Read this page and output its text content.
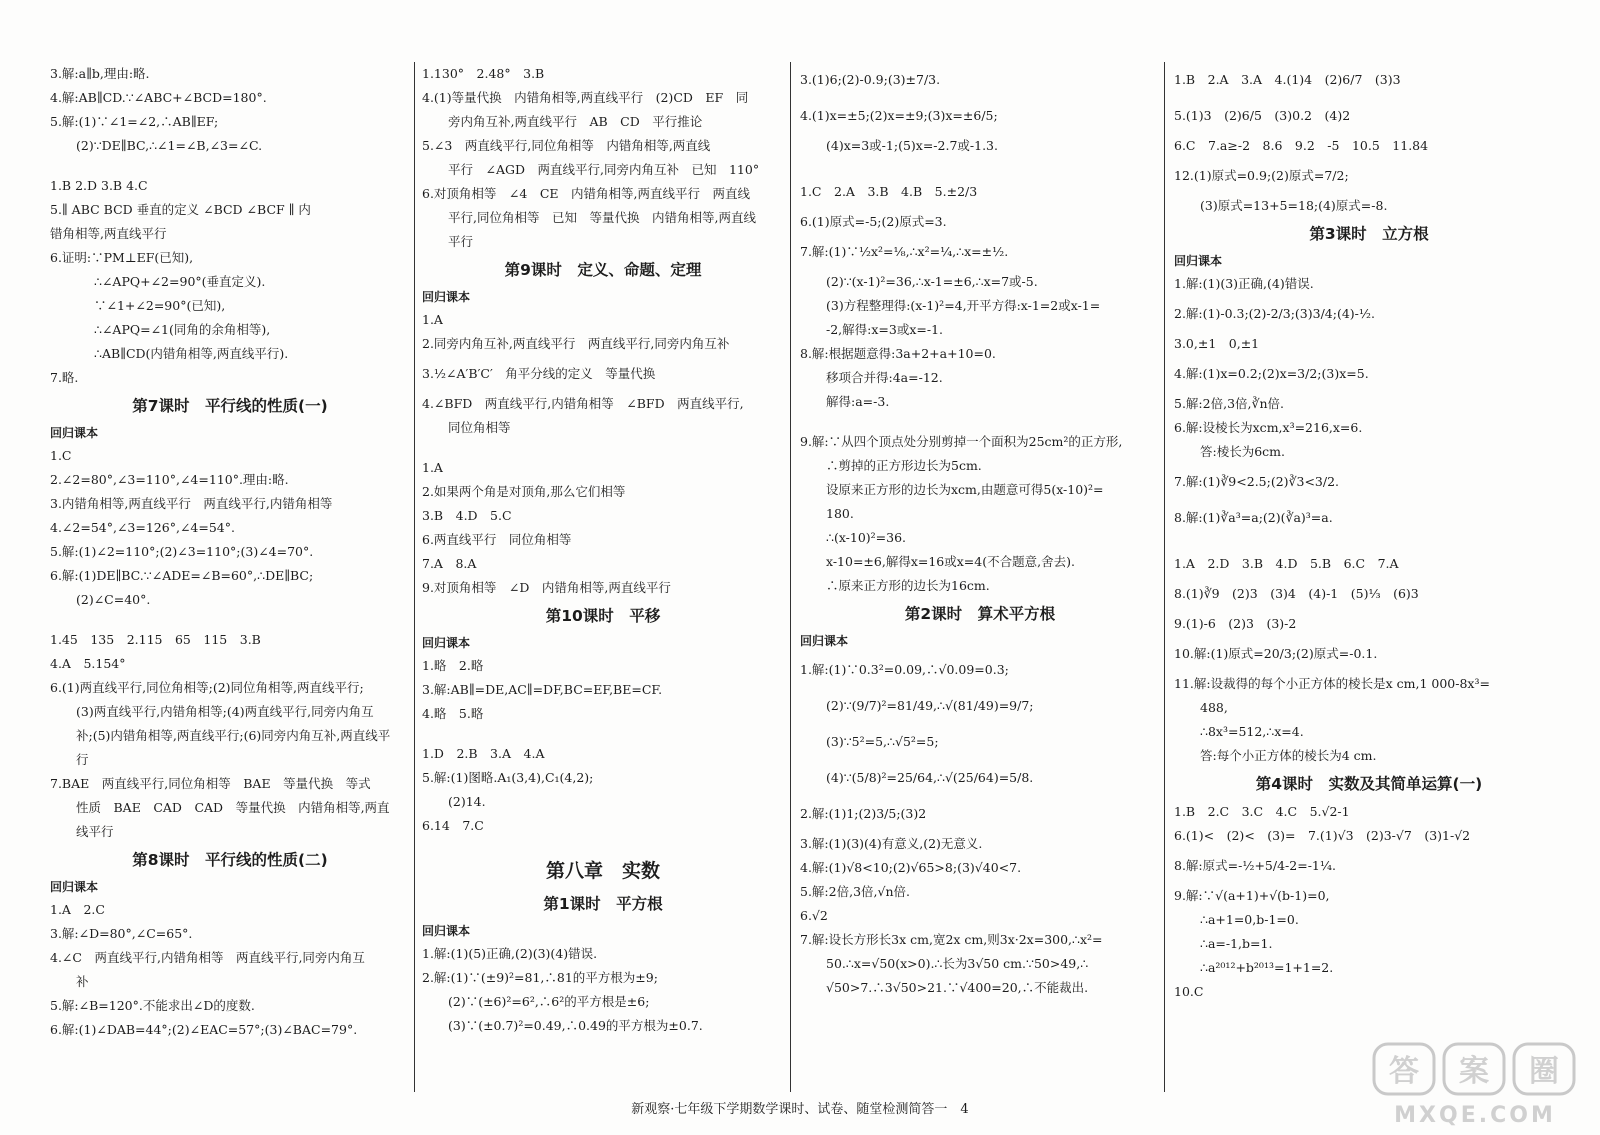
3.解:a∥b,理由:略.
4.解:AB∥CD.∵∠ABC+∠BCD=180°.
5.解:(1)∵∠1=∠2,∴AB∥EF;
(2)∵DE∥BC,∴∠1=∠B,∠3=∠C.
1.B 2.D 3.B 4.C
5.∥ ABC BCD 垂直的定义 ∠BCD ∠BCF ∥ 内
错角相等,两直线平行
6.证明:∵PM⊥EF(已知),
∴∠APQ+∠2=90°(垂直定义).
∵∠1+∠2=90°(已知),
∴∠APQ=∠1(同角的余角相等),
∴AB∥CD(内错角相等,两直线平行).
7.略.
第7课时　平行线的性质(一)
回归课本
1.C
2.∠2=80°,∠3=110°,∠4=110°.理由:略.
3.内错角相等,两直线平行　两直线平行,内错角相等
4.∠2=54°,∠3=126°,∠4=54°.
5.解:(1)∠2=110°;(2)∠3=110°;(3)∠4=70°.
6.解:(1)DE∥BC.∵∠ADE=∠B=60°,∴DE∥BC;
(2)∠C=40°.
1.45　135　2.115　65　115　3.B
4.A　5.154°
6.(1)两直线平行,同位角相等;(2)同位角相等,两直线平行;
(3)两直线平行,内错角相等;(4)两直线平行,同旁内角互
补;(5)内错角相等,两直线平行;(6)同旁内角互补,两直线平
行
7.BAE　两直线平行,同位角相等　BAE　等量代换　等式
性质　BAE　CAD　CAD　等量代换　内错角相等,两直
线平行
第8课时　平行线的性质(二)
回归课本
1.A　2.C
3.解:∠D=80°,∠C=65°.
4.∠C　两直线平行,内错角相等　两直线平行,同旁内角互
补
5.解:∠B=120°.不能求出∠D的度数.
6.解:(1)∠DAB=44°;(2)∠EAC=57°;(3)∠BAC=79°.
1.130°　2.48°　3.B
4.(1)等量代换　内错角相等,两直线平行　(2)CD　EF　同
旁内角互补,两直线平行　AB　CD　平行推论
5.∠3　两直线平行,同位角相等　内错角相等,两直线
平行　∠AGD　两直线平行,同旁内角互补　已知　110°
6.对顶角相等　∠4　CE　内错角相等,两直线平行　两直线
平行,同位角相等　已知　等量代换　内错角相等,两直线
平行
第9课时　定义、命题、定理
回归课本
1.A
2.同旁内角互补,两直线平行　两直线平行,同旁内角互补
3.½∠A′B′C′　角平分线的定义　等量代换
4.∠BFD　两直线平行,内错角相等　∠BFD　两直线平行,
同位角相等
1.A
2.如果两个角是对顶角,那么它们相等
3.B　4.D　5.C
6.两直线平行　同位角相等
7.A　8.A
9.对顶角相等　∠D　内错角相等,两直线平行
第10课时　平移
回归课本
1.略　2.略
3.解:AB∥=DE,AC∥=DF,BC=EF,BE=CF.
4.略　5.略
1.D　2.B　3.A　4.A
5.解:(1)图略.A₁(3,4),C₁(4,2);
(2)14.
6.14　7.C
第八章　实数
第1课时　平方根
回归课本
1.解:(1)(5)正确,(2)(3)(4)错误.
2.解:(1)∵(±9)²=81,∴81的平方根为±9;
(2)∵(±6)²=6²,∴6²的平方根是±6;
(3)∵(±0.7)²=0.49,∴0.49的平方根为±0.7.
3.(1)6;(2)-0.9;(3)±7/3.
4.(1)x=±5;(2)x=±9;(3)x=±6/5;
(4)x=3或-1;(5)x=-2.7或-1.3.
1.C　2.A　3.B　4.B　5.±2/3
6.(1)原式=-5;(2)原式=3.
7.解:(1)∵½x²=⅛,∴x²=¼,∴x=±½.
(2)∵(x-1)²=36,∴x-1=±6,∴x=7或-5.
(3)方程整理得:(x-1)²=4,开平方得:x-1=2或x-1=
-2,解得:x=3或x=-1.
8.解:根据题意得:3a+2+a+10=0.
移项合并得:4a=-12.
解得:a=-3.
9.解:∵从四个顶点处分别剪掉一个面积为25cm²的正方形,
∴剪掉的正方形边长为5cm.
设原来正方形的边长为xcm,由题意可得5(x-10)²=
180.
∴(x-10)²=36.
x-10=±6,解得x=16或x=4(不合题意,舍去).
∴原来正方形的边长为16cm.
第2课时　算术平方根
回归课本
1.解:(1)∵0.3²=0.09,∴√0.09=0.3;
(2)∵(9/7)²=81/49,∴√(81/49)=9/7;
(3)∵5²=5,∴√5²=5;
(4)∵(5/8)²=25/64,∴√(25/64)=5/8.
2.解:(1)1;(2)3/5;(3)2
3.解:(1)(3)(4)有意义,(2)无意义.
4.解:(1)√8<10;(2)√65>8;(3)√40<7.
5.解:2倍,3倍,√n倍.
6.√2
7.解:设长方形长3x cm,宽2x cm,则3x·2x=300,∴x²=
50.∴x=√50(x>0).∴长为3√50 cm.∵50>49,∴
√50>7.∴3√50>21.∵√400=20,∴不能裁出.
1.B　2.A　3.A　4.(1)4　(2)6/7　(3)3
5.(1)3　(2)6/5　(3)0.2　(4)2
6.C　7.a≥-2　8.6　9.2　-5　10.5　11.84
12.(1)原式=0.9;(2)原式=7/2;
(3)原式=13+5=18;(4)原式=-8.
第3课时　立方根
回归课本
1.解:(1)(3)正确,(4)错误.
2.解:(1)-0.3;(2)-2/3;(3)3/4;(4)-½.
3.0,±1　0,±1
4.解:(1)x=0.2;(2)x=3/2;(3)x=5.
5.解:2倍,3倍,∛n倍.
6.解:设棱长为xcm,x³=216,x=6.
答:棱长为6cm.
7.解:(1)∛9<2.5;(2)∛3<3/2.
8.解:(1)∛a³=a;(2)(∛a)³=a.
1.A　2.D　3.B　4.D　5.B　6.C　7.A
8.(1)∛9　(2)3　(3)4　(4)-1　(5)⅓　(6)3
9.(1)-6　(2)3　(3)-2
10.解:(1)原式=20/3;(2)原式=-0.1.
11.解:设裁得的每个小正方体的棱长是x cm,1 000-8x³=
488,
∴8x³=512,∴x=4.
答:每个小正方体的棱长为4 cm.
第4课时　实数及其简单运算(一)
1.B　2.C　3.C　4.C　5.√2-1
6.(1)<　(2)<　(3)=　7.(1)√3　(2)3-√7　(3)1-√2
8.解:原式=-½+5/4-2=-1¼.
9.解:∵√(a+1)+√(b-1)=0,
∴a+1=0,b-1=0.
∴a=-1,b=1.
∴a²⁰¹²+b²⁰¹³=1+1=2.
10.C
新观察·七年级下学期数学课时、试卷、随堂检测简答一　4
答 案 圈
MXQE.COM
